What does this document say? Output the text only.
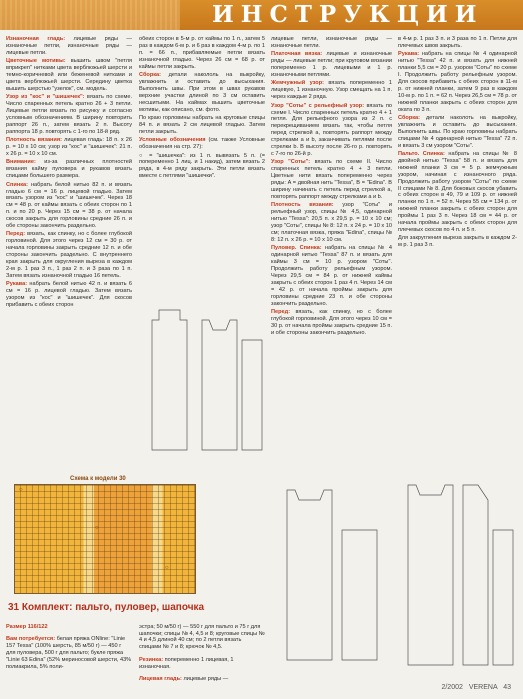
ИНСТРУКЦИИ

Изнаночная гладь: лицевые ряды — изнаночные петли, изнаночные ряды — лицевые петли.

Цветочные мотивы: вышить швом "петля вприкреп" нитками цвета верблюжьей шерсти и темно-коричневой или беженевой нитками и цвета верблюжьей шерсти. Середину цветка вышить шерстью "узелок", см. модель.

Узор из "кос" и "шишечек": вязать по схеме. Число спаренных петель кратно 26 + 3 петли. Лицевые петли вязать по рисунку и согласно условным обозначениям. В ширину повторить раппорт 26 п., затем вязать 2 п. Высоту раппорта 18 р. повторять с 1-го по 18-й ряд.

Плотность вязания: лицевая гладь: 18 п. x 26 р. = 10 x 10 см; узор из "кос" и "шишечек": 21 п. x 26 р. = 10 x 10 см.

Внимание: из-за различных плотностей вязания кайму пуловера и рукавов вязать спицами большего размера.

Спинка: набрать белой нитью 82 п. и вязать гладью 6 см = 16 р. лицевой гладью. Затем вязать узором из "кос" и "шишечек". Через 18 см = 48 р. от каймы вязать с обеих сторон по 1 п. и по 20 р. Через 15 см = 38 р. от начала скосов закрыть для горловины средние 26 п. и обе стороны закончить раздельно.

Перед: вязать, как спинку, но с более глубокой горловиной. Для этого через 12 см = 30 р. от начала горловины закрыть средние 12 п. и обе стороны закончить раздельно. С внутреннего края закрыть для округления выреза в каждом 2-м р. 1 раз 3 п., 1 раз 2 п. и 3 раза по 1 п. Затем вязать изнаночной гладью 16 петель.

Рукава: набрать белой нитью 42 п. и вязать 6 см = 16 р. лицевой гладью. Затем вязать узором из "кос" и "шишечек". Для скосов прибавить с обеих сторон

обеих сторон в 5-м р. от каймы по 1 п., затем 5 раз в каждом 6-м р. и 6 раз в каждом 4-м р. по 1 п. = 66 п., прибавляемые петли вязать изнаночной гладью. Через 26 см = 68 р. от каймы петли закрыть.

Сборка: детали накололь на выкройку, увлажнить и оставить до высыхания. Выполнить швы. При этом в швах рукавов верхние участки длиной по 3 см оставить несшитыми. На каймах вышить цветочные мотивы, как описано, см. фото.

По краю горловины набрать на круговые спицы 84 п. и вязать 2 см лицевой гладью. Затем петли закрыть.

Условные обозначения (см. также Условные обозначения на стр. 27):

○ = "шишечка": из 1 п. вывязать 5 п. (= попеременно 1 лиц. и 1 накид), затем вязать 2 ряда, в 4-м ряду закрыть. Эти петли вязать вместе с петлями "шишечки".

лицевые петли, изнаночные ряды — изнаночные петли.

Платочная вязка: лицевые и изнаночные ряды — лицевые петли; при круговом вязании попеременно 1 р. лицевыми и 1 р. изнаночными петлями.

Жемчужный узор: вязать попеременно 1 лицевую, 1 изнаночную. Узор смещать на 1 п. через каждые 2 ряда.

Узор "Соты" с рельефный узор: вязать по схеме I. Число спаренных петель кратно 4 + 1 петля. Для рельефного узора из 2 п. с перекрещиванием вязать так, чтобы петля перед стрелкой a, повторять раппорт между стрелками a и b, заканчивать петлями после стрелки b. В высоту после 26-го р. повторять с 7-го по 26-й р.

Узор "Соты": вязать по схеме II. Число спаренных петель кратно 4 + 3 петли. Цветные нити вязать попеременно через ряды: A = двойная нить "Tessa", B = "Edina". В ширину начинать с петель перед стрелкой a, повторять раппорт между стрелками a и b.

Плотность вязания: узор "Соты" и рельефный узор, спицы № 4,5, одинарной нитью "Tessa": 20,5 п. x 29,5 р. = 10 x 10 см; узор "Соты", спицы № 8: 12 п. x 24 р. = 10 x 10 см; платочная вязка, пряжа "Edina", спицы № 8: 12 п. x 26 р. = 10 x 10 см.

Пуловер. Спинка: набрать на спицы № 4 одинарной нитью "Tessa" 87 п. и вязать для каймы 3 см = 10 р. узором "Соты". Продолжить работу рельефным узором. Через 29,5 см = 84 р. от нижней каймы закрыть с обеих сторон 1 раз 4 п. Через 14 см = 42 р. от начала проймы закрыть для горловины средние 23 п. и обе стороны закончить раздельно.

Перед: вязать, как спинку, но с более глубокой горловиной. Для этого через 10 см = 30 р. от начала проймы закрыть средние 15 п. и обе стороны закончить раздельно.

в 4-м р. 1 раз 3 п. и 3 раза по 1 п. Петли для плечевых швов закрыть.

Рукава: набрать на спицы № 4 одинарной нитью "Tessa" 42 п. и вязать для нижней планки 5,5 см = 20 р. узором "Соты" по схеме I. Продолжить работу рельефным узором. Для скосов прибавить с обеих сторон в 11-м р. от нижней планки, затем 9 раз в каждом 10-м р. по 1 п. = 62 п. Через 26,5 см = 78 р. от нижней планки закрыть с обеих сторон для оката по 3 п.

Сборка: детали наколоть на выкройку, увлажнить и оставить до высыхания. Выполнить швы. По краю горловины набрать спицами № 4 одинарной нитью "Tessa" 72 п. и вязать 3 см узором "Соты".

Пальто. Спинка: набрать на спицы № 8 двойной нитью "Tessa" 58 п. и вязать для нижней планки 3 см = 5 р. жемчужным узором, начиная с изнаночного ряда. Продолжить работу узором "Соты" по схеме II спицами № 8. Для боковых скосов убавить с обеих сторон в 49, 79 и 109 р. от нижней планки по 1 п. = 52 п. Через 55 см = 134 р. от нижней планки закрыть с обеих сторон для проймы 1 раз 3 п. Через 18 см = 44 р. от начала проймы закрыть с обеих сторон для плечевых скосов по 4 п. и 5 п.

Для закругления выреза закрыть в каждом 2-м р. 1 раз 3 п.

Схема к модели 30
○
○
○
31 Комплект: пальто, пуловер, шапочка

Размер 116/122

Вам потребуется: белая пряжа ONline: "Linie 157 Tessa" (100% шерсть, 85 м/50 г) — 450 г для пуловера, 500 г для пальто; букле пряжа "Linie 63 Edina" (52% мериносовой шерсти, 43% полиакрила, 5% поли-

эстра; 50 м/50 г) — 550 г для пальто и 75 г для шапочки; спицы № 4, 4,5 и 8; круговые спицы № 4 и 4,5 длиной 40 см; по 2 петли вязать спицами № 7 и 8; крючок № 4,5.

Резинка: попеременно 1 лицевая, 1 изнаночная.

Лицевая гладь: лицевые ряды —

2/2002 VERENA 43
